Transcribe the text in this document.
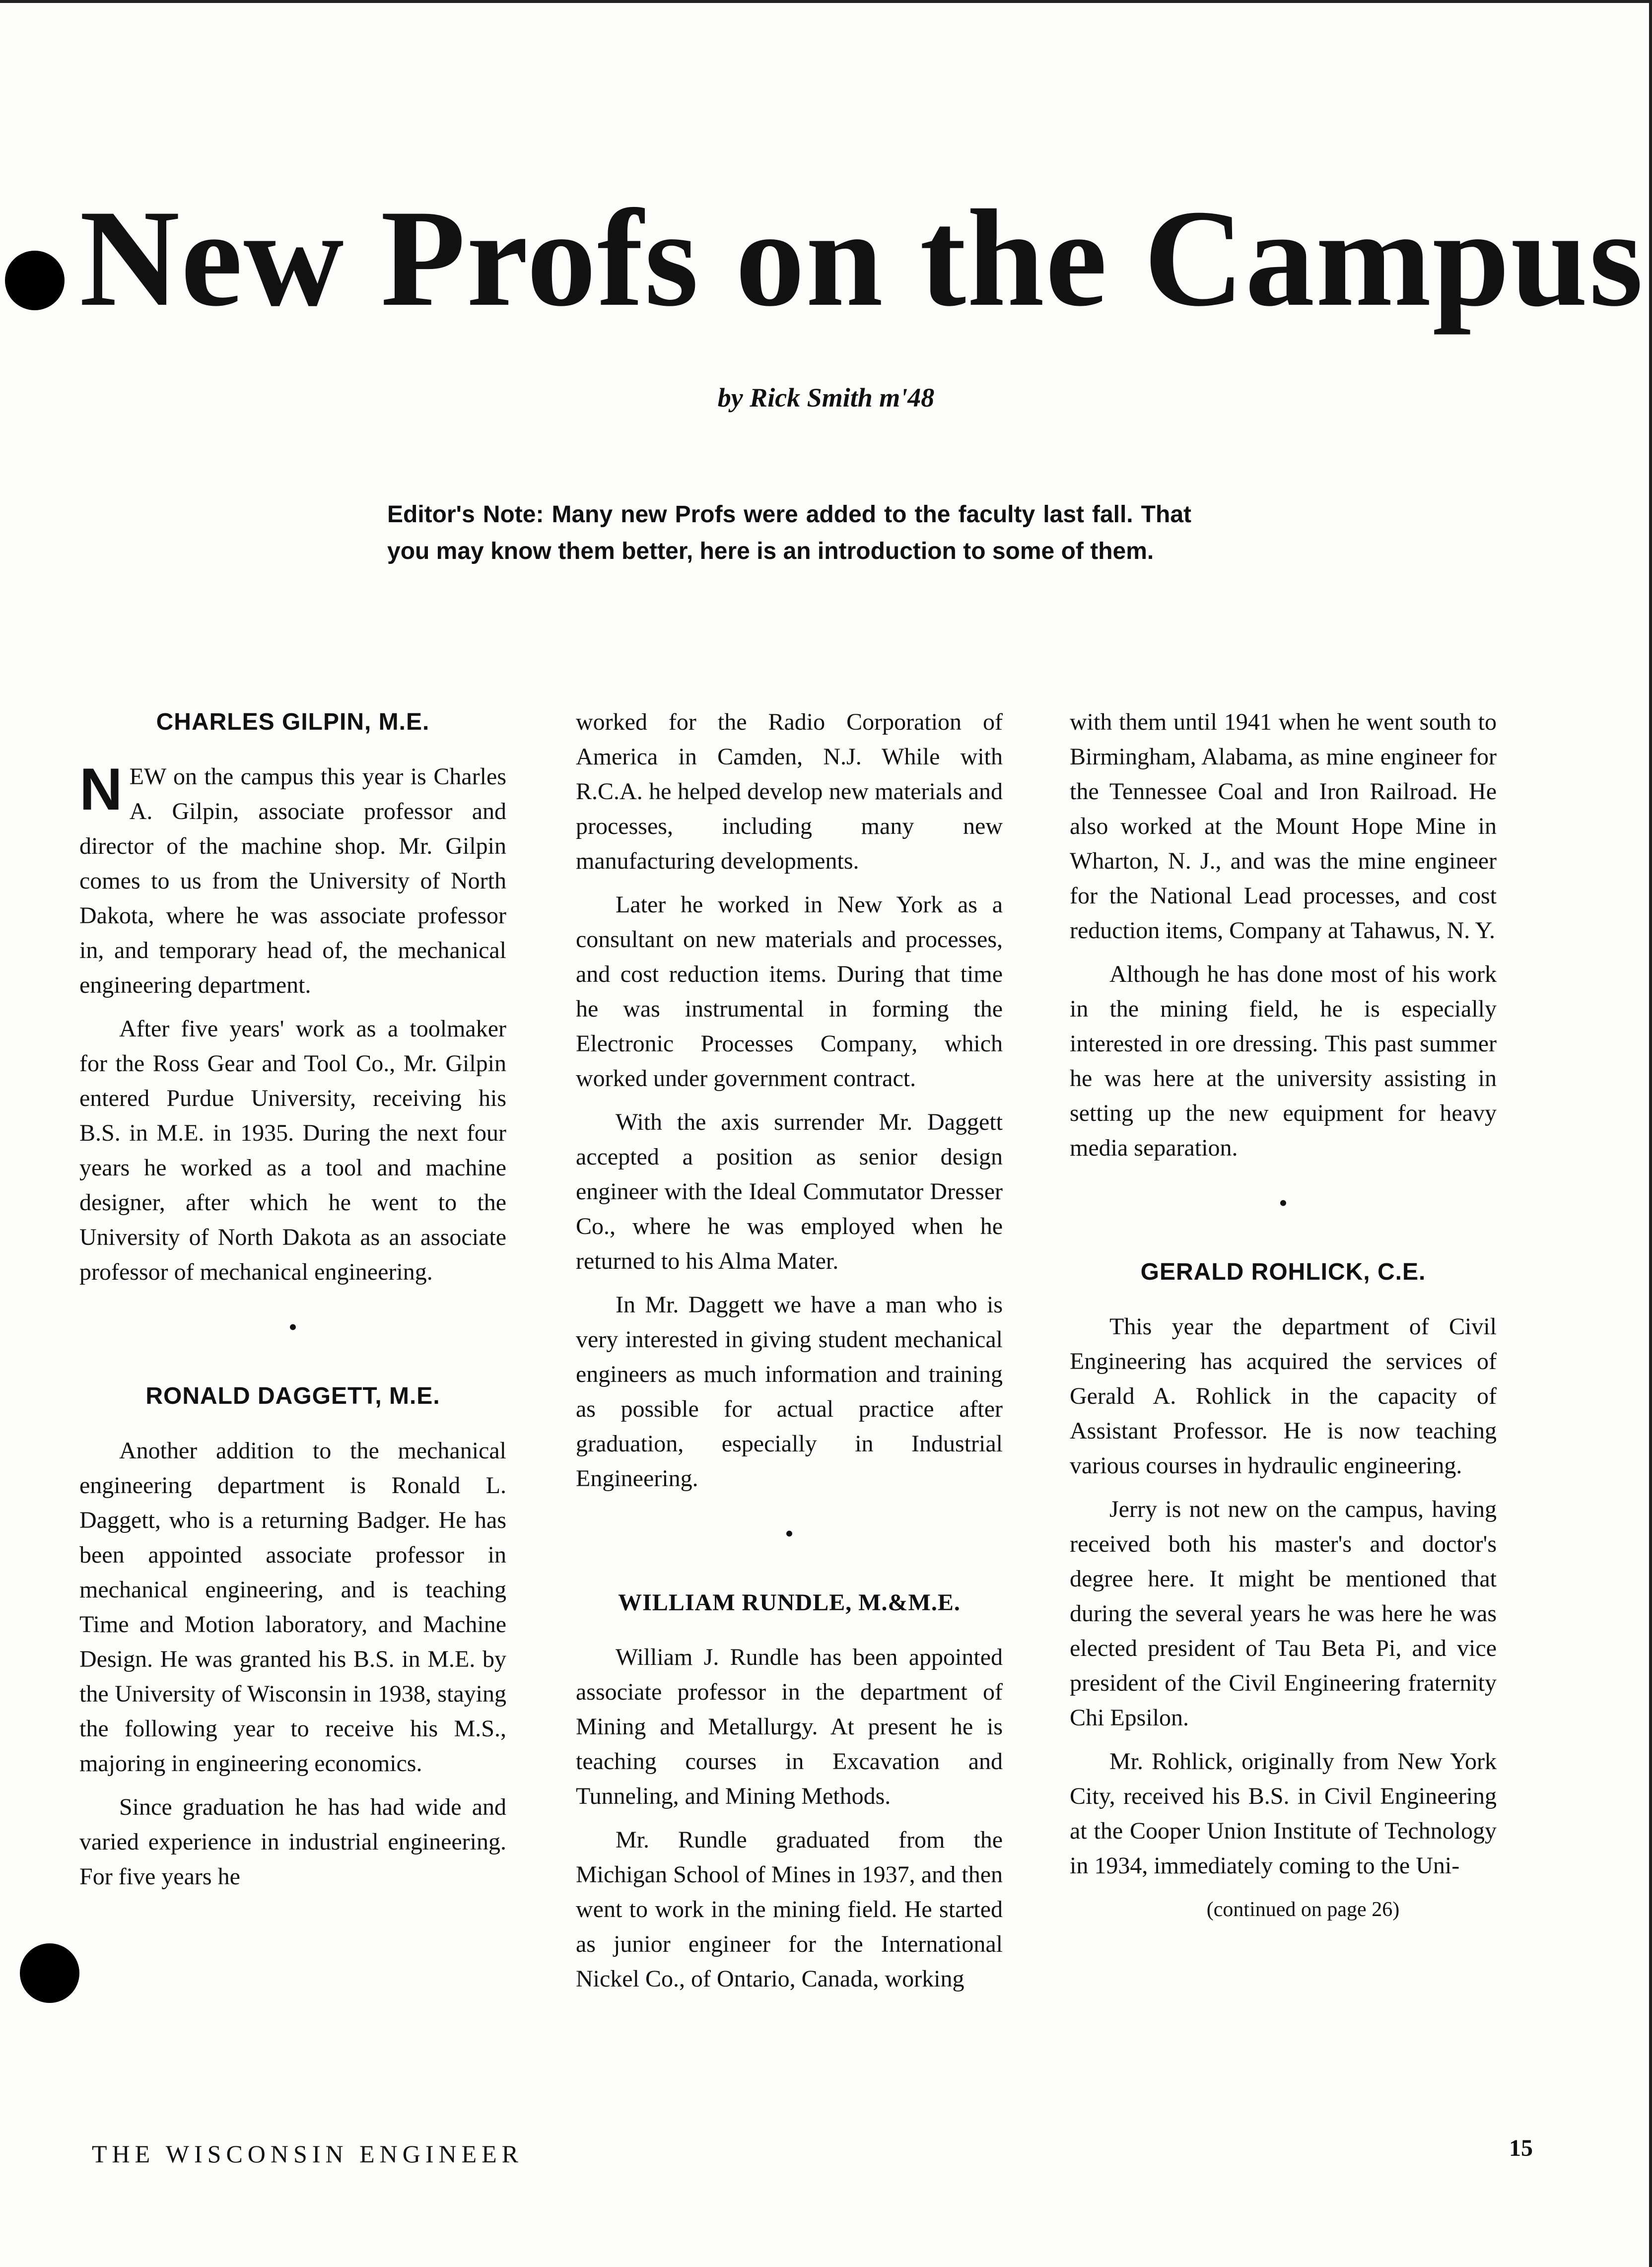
New Profs on the Campus
by Rick Smith m'48
Editor's Note: Many new Profs were added to the faculty last fall. That you may know them better, here is an introduction to some of them.
CHARLES GILPIN, M.E.

NEW on the campus this year is Charles A. Gilpin, associate professor and director of the machine shop. Mr. Gilpin comes to us from the University of North Dakota, where he was associate professor in, and temporary head of, the mechanical engineering department.

After five years' work as a toolmaker for the Ross Gear and Tool Co., Mr. Gilpin entered Purdue University, receiving his B.S. in M.E. in 1935. During the next four years he worked as a tool and machine designer, after which he went to the University of North Dakota as an associate professor of mechanical engineering.

•
RONALD DAGGETT, M.E.

Another addition to the mechanical engineering department is Ronald L. Daggett, who is a returning Badger. He has been appointed associate professor in mechanical engineering, and is teaching Time and Motion laboratory, and Machine Design. He was granted his B.S. in M.E. by the University of Wisconsin in 1938, staying the following year to receive his M.S., majoring in engineering economics.

Since graduation he has had wide and varied experience in industrial engineering. For five years he

worked for the Radio Corporation of America in Camden, N.J. While with R.C.A. he helped develop new materials and processes, including many new manufacturing developments.

Later he worked in New York as a consultant on new materials and processes, and cost reduction items. During that time he was instrumental in forming the Electronic Processes Company, which worked under government contract.

With the axis surrender Mr. Daggett accepted a position as senior design engineer with the Ideal Commutator Dresser Co., where he was employed when he returned to his Alma Mater.

In Mr. Daggett we have a man who is very interested in giving student mechanical engineers as much information and training as possible for actual practice after graduation, especially in Industrial Engineering.

•
WILLIAM RUNDLE, M.&M.E.

William J. Rundle has been appointed associate professor in the department of Mining and Metallurgy. At present he is teaching courses in Excavation and Tunneling, and Mining Methods.

Mr. Rundle graduated from the Michigan School of Mines in 1937, and then went to work in the mining field. He started as junior engineer for the International Nickel Co., of Ontario, Canada, working

with them until 1941 when he went south to Birmingham, Alabama, as mine engineer for the Tennessee Coal and Iron Railroad. He also worked at the Mount Hope Mine in Wharton, N. J., and was the mine engineer for the National Lead processes, and cost reduction items, Company at Tahawus, N. Y.

Although he has done most of his work in the mining field, he is especially interested in ore dressing. This past summer he was here at the university assisting in setting up the new equipment for heavy media separation.

•
GERALD ROHLICK, C.E.

This year the department of Civil Engineering has acquired the services of Gerald A. Rohlick in the capacity of Assistant Professor. He is now teaching various courses in hydraulic engineering.

Jerry is not new on the campus, having received both his master's and doctor's degree here. It might be mentioned that during the several years he was here he was elected president of Tau Beta Pi, and vice president of the Civil Engineering fraternity Chi Epsilon.

Mr. Rohlick, originally from New York City, received his B.S. in Civil Engineering at the Cooper Union Institute of Technology in 1934, immediately coming to the Uni-

(continued on page 26)

THE WISCONSIN ENGINEER	15
